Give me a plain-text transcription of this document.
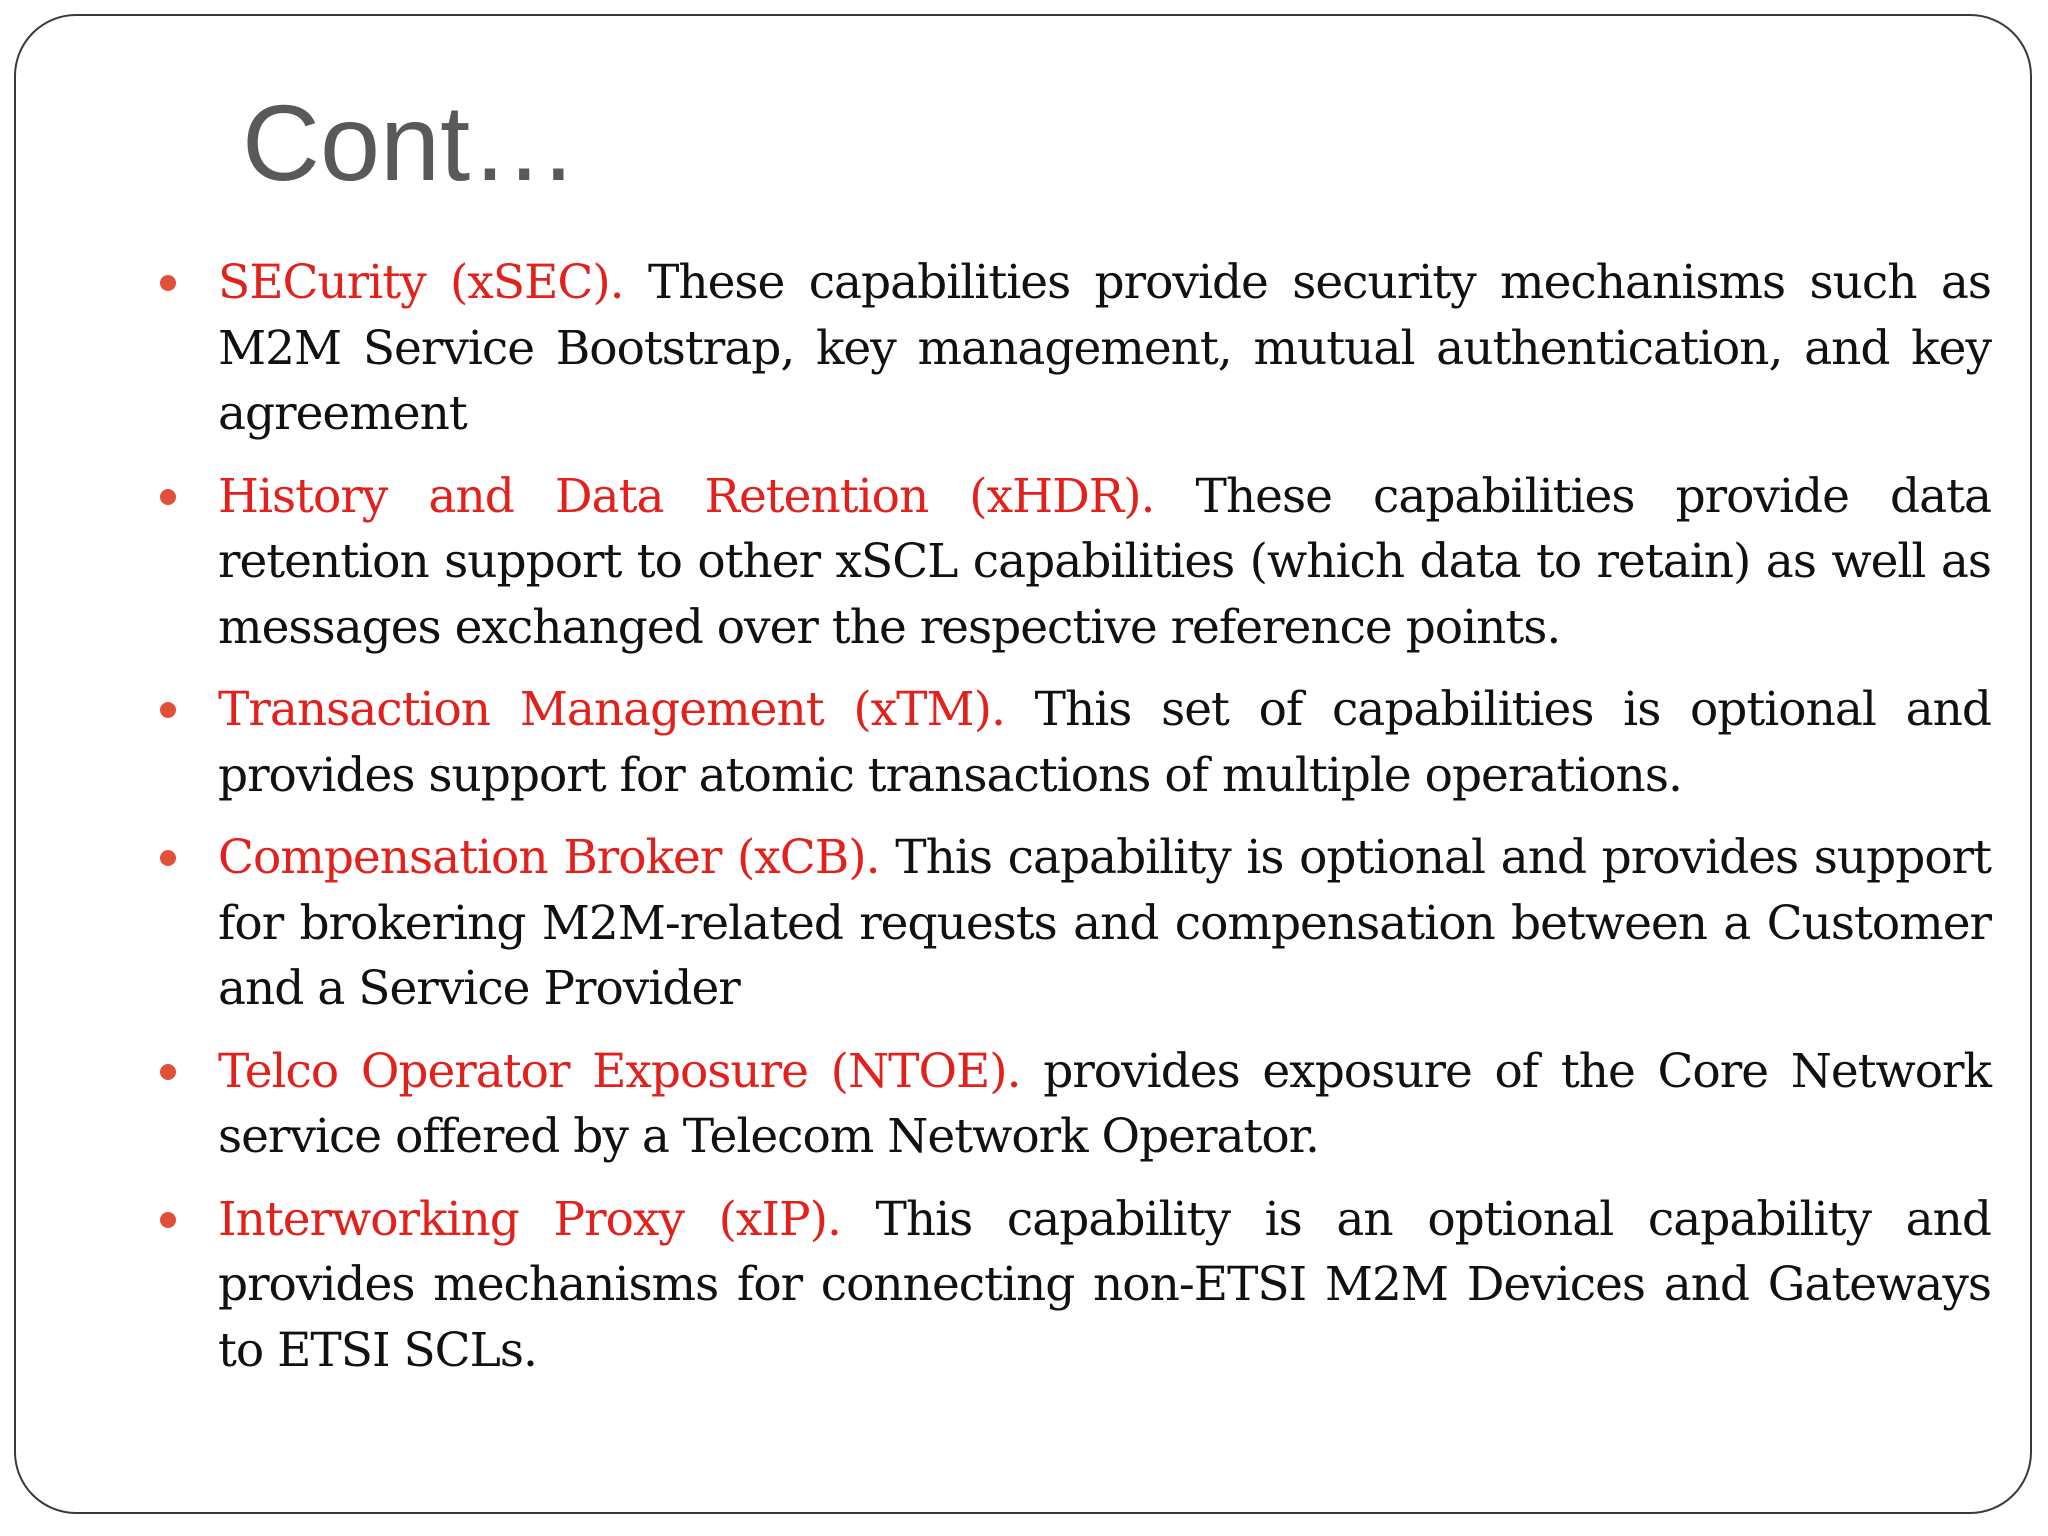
Cont…
SECurity (xSEC). These capabilities provide security mechanisms such as M2M Service Bootstrap, key management, mutual authentication, and key agreement
History and Data Retention (xHDR). These capabilities provide data retention support to other xSCL capabilities (which data to retain) as well as messages exchanged over the respective reference points.
Transaction Management (xTM). This set of capabilities is optional and provides support for atomic transactions of multiple operations.
Compensation Broker (xCB). This capability is optional and provides support for brokering M2M-related requests and compensation between a Customer and a Service Provider
Telco Operator Exposure (NTOE). provides exposure of the Core Network service offered by a Telecom Network Operator.
Interworking Proxy (xIP). This capability is an optional capability and provides mechanisms for connecting non-ETSI M2M Devices and Gateways to ETSI SCLs.
